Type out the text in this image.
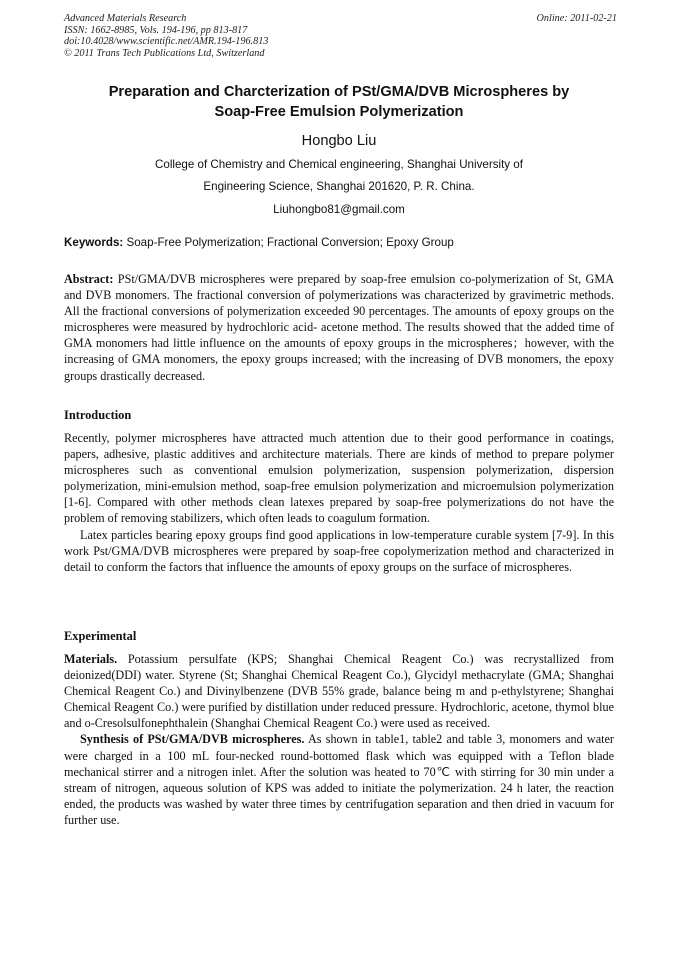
Advanced Materials Research
ISSN: 1662-8985, Vols. 194-196, pp 813-817
doi:10.4028/www.scientific.net/AMR.194-196.813
© 2011 Trans Tech Publications Ltd, Switzerland
Online: 2011-02-21
Preparation and Charcterization of PSt/GMA/DVB Microspheres by
Soap-Free Emulsion Polymerization
Hongbo Liu
College of Chemistry and Chemical engineering, Shanghai University of
Engineering Science, Shanghai 201620, P. R. China.
Liuhongbo81@gmail.com
Keywords: Soap-Free Polymerization; Fractional Conversion; Epoxy Group

Abstract: PSt/GMA/DVB microspheres were prepared by soap-free emulsion co-polymerization of St, GMA and DVB monomers. The fractional conversion of polymerizations was characterized by gravimetric methods. All the fractional conversions of polymerization exceeded 90 percentages. The amounts of epoxy groups on the microspheres were measured by hydrochloric acid- acetone method. The results showed that the added time of GMA monomers had little influence on the amounts of epoxy groups in the microspheres；however, with the increasing of GMA monomers, the epoxy groups increased; with the increasing of DVB monomers, the epoxy groups drastically decreased.

Introduction

Recently, polymer microspheres have attracted much attention due to their good performance in coatings, papers, adhesive, plastic additives and architecture materials. There are kinds of method to prepare polymer microspheres such as conventional emulsion polymerization, suspension polymerization, dispersion polymerization, mini-emulsion method, soap-free emulsion polymerization and microemulsion polymerization [1-6]. Compared with other methods clean latexes prepared by soap-free polymerizations do not have the problem of removing stabilizers, which often leads to coagulum formation.

Latex particles bearing epoxy groups find good applications in low-temperature curable system [7-9]. In this work Pst/GMA/DVB microspheres were prepared by soap-free copolymerization method and characterized in detail to conform the factors that influence the amounts of epoxy groups on the surface of microspheres.

Experimental

Materials. Potassium persulfate (KPS; Shanghai Chemical Reagent Co.) was recrystallized from deionized(DDI) water. Styrene (St; Shanghai Chemical Reagent Co.), Glycidyl methacrylate (GMA; Shanghai Chemical Reagent Co.) and Divinylbenzene (DVB 55% grade, balance being m and p-ethylstyrene; Shanghai Chemical Reagent Co.) were purified by distillation under reduced pressure. Hydrochloric, acetone, thymol blue and o-Cresolsulfonephthalein (Shanghai Chemical Reagent Co.) were used as received.

Synthesis of PSt/GMA/DVB microspheres. As shown in table1, table2 and table 3, monomers and water were charged in a 100 mL four-necked round-bottomed flask which was equipped with a Teflon blade mechanical stirrer and a nitrogen inlet. After the solution was heated to 70℃ with stirring for 30 min under a stream of nitrogen, aqueous solution of KPS was added to initiate the polymerization. 24 h later, the reaction ended, the products was washed by water three times by centrifugation separation and then dried in vacuum for further use.
